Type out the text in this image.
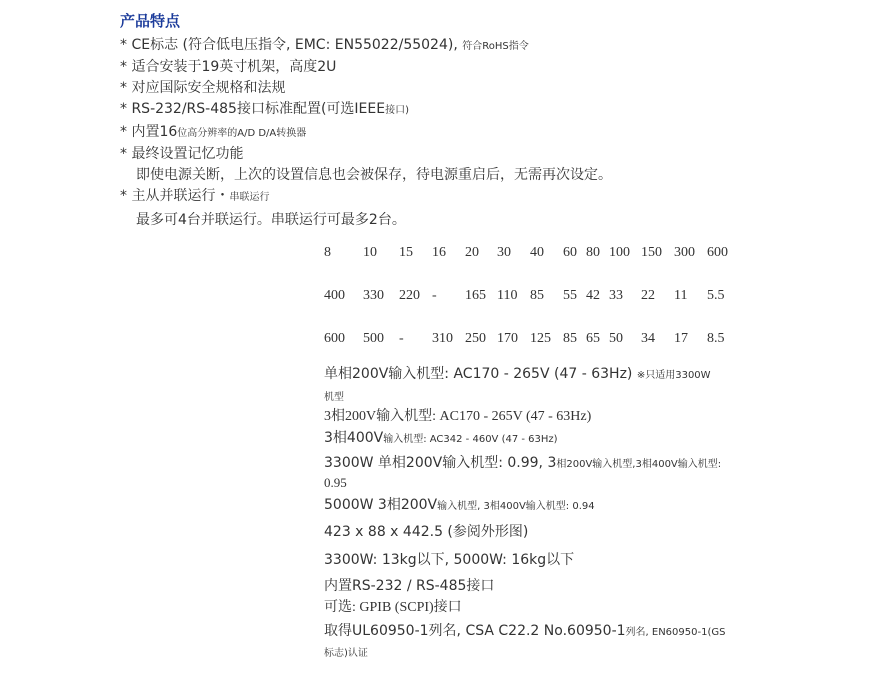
产品特点
* CE标志 (符合低电压指令, EMC: EN55022/55024), 符合RoHS指令
* 适合安装于19英寸机架，高度2U
* 对应国际安全规格和法规
* RS-232/RS-485接口标准配置(可选IEEE接口)
* 内置16位高分辨率的A/D D/A转换器
* 最终设置记忆功能
即使电源关断，上次的设置信息也会被保存，待电源重启后，无需再次设定。
* 主从并联运行・串联运行
最多可4台并联运行。串联运行可最多2台。
8 10 15 16 20 30 40 60 80 100 150 300 600
400 330 220 - 165 110 85 55 42 33 22 11 5.5
600 500 - 310 250 170 125 85 65 50 34 17 8.5
单相200V输入机型: AC170 - 265V (47 - 63Hz) ※只适用3300W
机型
3相200V输入机型: AC170 - 265V (47 - 63Hz)
3相400V输入机型: AC342 - 460V (47 - 63Hz)
3300W 单相200V输入机型: 0.99, 3相200V输入机型,3相400V输入机型:
0.95
5000W 3相200V输入机型, 3相400V输入机型: 0.94
423 x 88 x 442.5 (参阅外形图)
3300W: 13kg以下, 5000W: 16kg以下
内置RS-232 / RS-485接口
可选: GPIB (SCPI)接口
取得UL60950-1列名, CSA C22.2 No.60950-1列名, EN60950-1(GS
标志)认证
